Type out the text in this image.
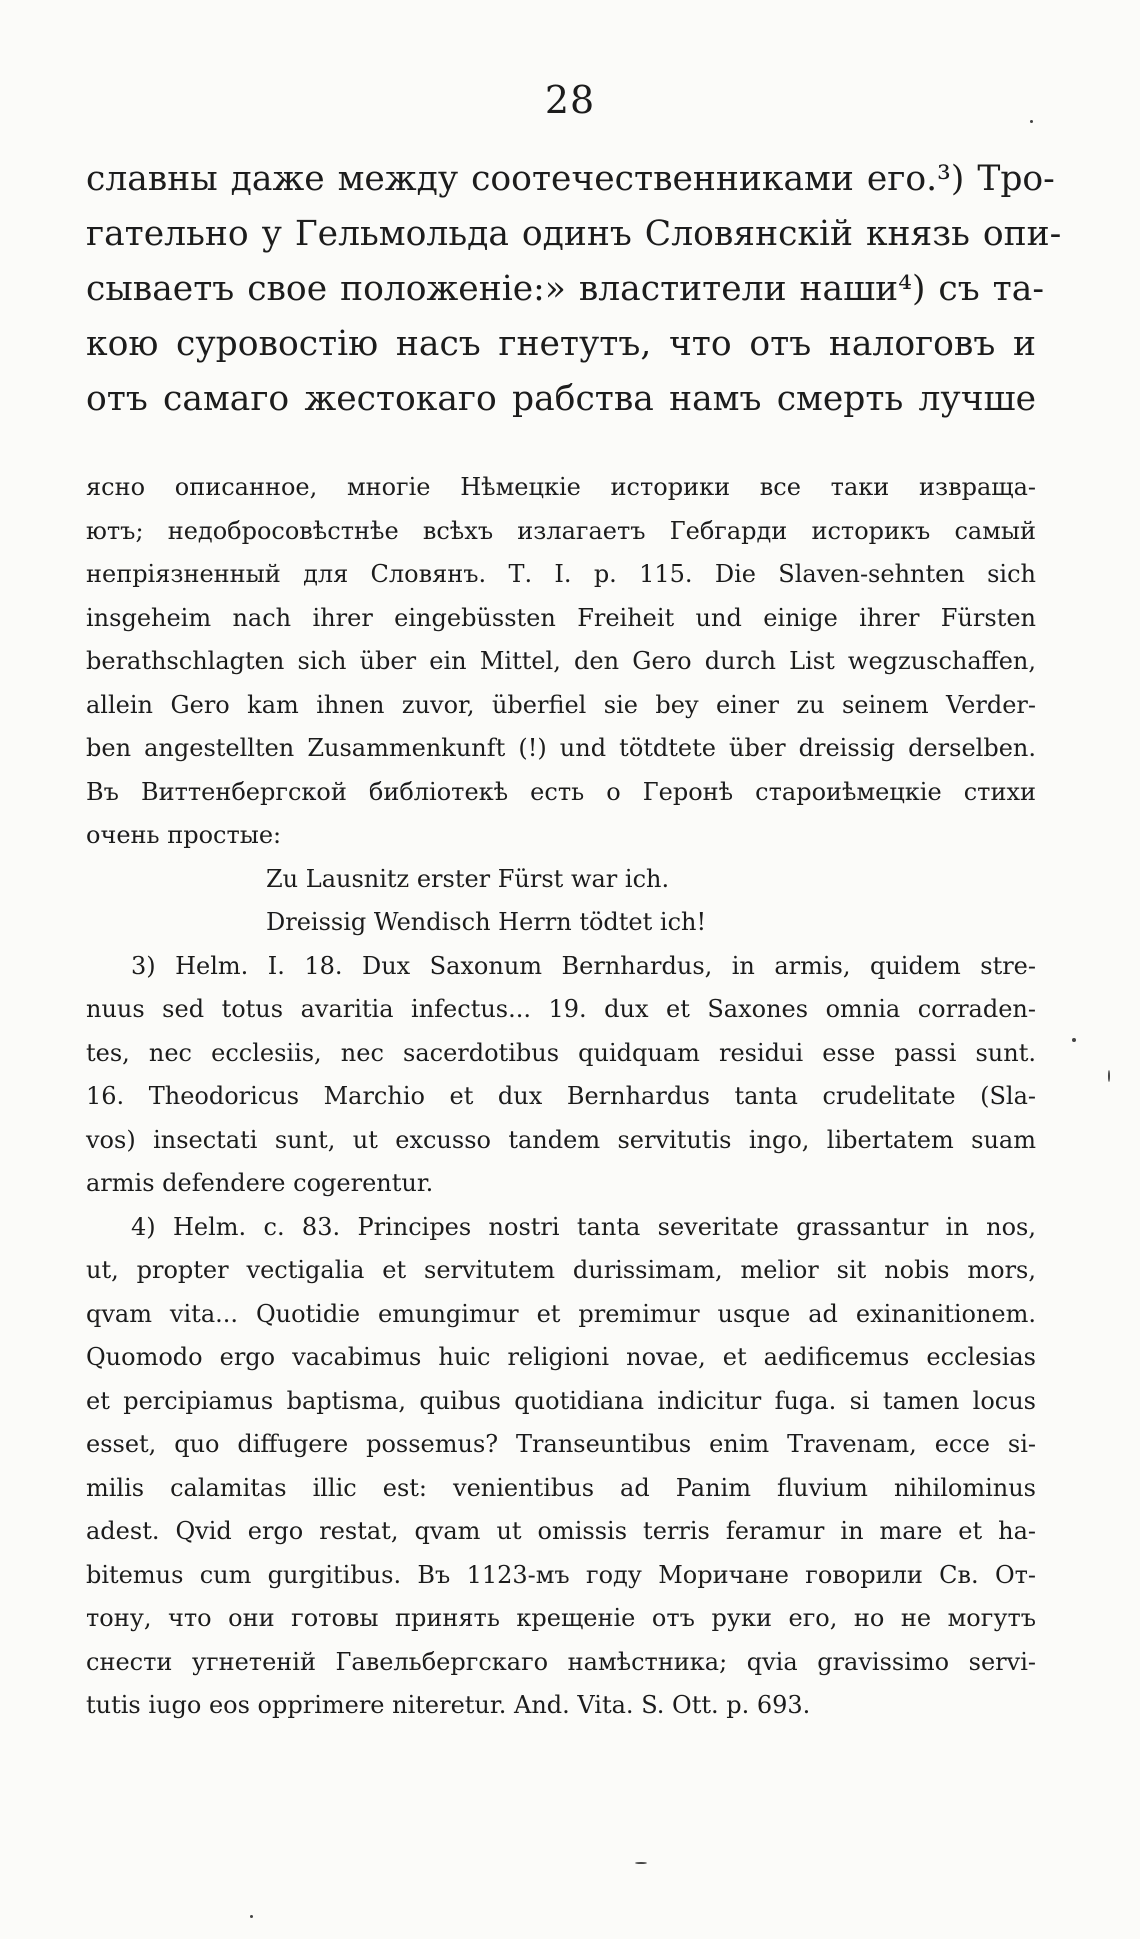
28
славны даже между соотечественниками его.³) Тро-
гательно у Гельмольда одинъ Словянскій князь опи-
сываетъ свое положеніе:» властители наши⁴) съ та-
кою суровостію насъ гнетутъ, что отъ налоговъ и
отъ самаго жестокаго рабства намъ смерть лучше
ясно описанное, многіе Нѣмецкіе историки все таки извраща-
ютъ; недобросовѣстнѣе всѣхъ излагаетъ Гебгарди историкъ самый
непріязненный для Словянъ. Т. І. р. 115. Die Slaven-sehnten sich
insgeheim nach ihrer eingebüssten Freiheit und einige ihrer Fürsten
berathschlagten sich über ein Mittel, den Gero durch List wegzuschaffen,
allein Gero kam ihnen zuvor, überfiel sie bey einer zu seinem Verder-
ben angestellten Zusammenkunft (!) und tötdtete über dreissig derselben.
Въ Виттенбергской библіотекѣ есть о Геронѣ староиѣмецкіе стихи
очень простые:
Zu Lausnitz erster Fürst war ich.
Dreissig Wendisch Herrn tödtet ich!
3) Helm. I. 18. Dux Saxonum Bernhardus, in armis, quidem stre-
nuus sed totus avaritia infectus... 19. dux et Saxones omnia corraden-
tes, nec ecclesiis, nec sacerdotibus quidquam residui esse passi sunt.
16. Theodoricus Marchio et dux Bernhardus tanta crudelitate (Sla-
vos) insectati sunt, ut excusso tandem servitutis ingo, libertatem suam
armis defendere cogerentur.
4) Helm. c. 83. Principes nostri tanta severitate grassantur in nos,
ut, propter vectigalia et servitutem durissimam, melior sit nobis mors,
qvam vita... Quotidie emungimur et premimur usque ad exinanitionem.
Quomodo ergo vacabimus huic religioni novae, et aedificemus ecclesias
et percipiamus baptisma, quibus quotidiana indicitur fuga. si tamen locus
esset, quo diffugere possemus? Transeuntibus enim Travenam, ecce si-
milis calamitas illic est: venientibus ad Panim fluvium nihilominus
adest. Qvid ergo restat, qvam ut omissis terris feramur in mare et ha-
bitemus cum gurgitibus. Въ 1123-мъ году Моричане говорили Св. От-
тону, что они готовы принять крещеніе отъ руки его, но не могутъ
снести угнетеній Гавельбергскаго намѣстника; qvia gravissimo servi-
tutis iugo eos opprimere niteretur. And. Vita. S. Ott. p. 693.
